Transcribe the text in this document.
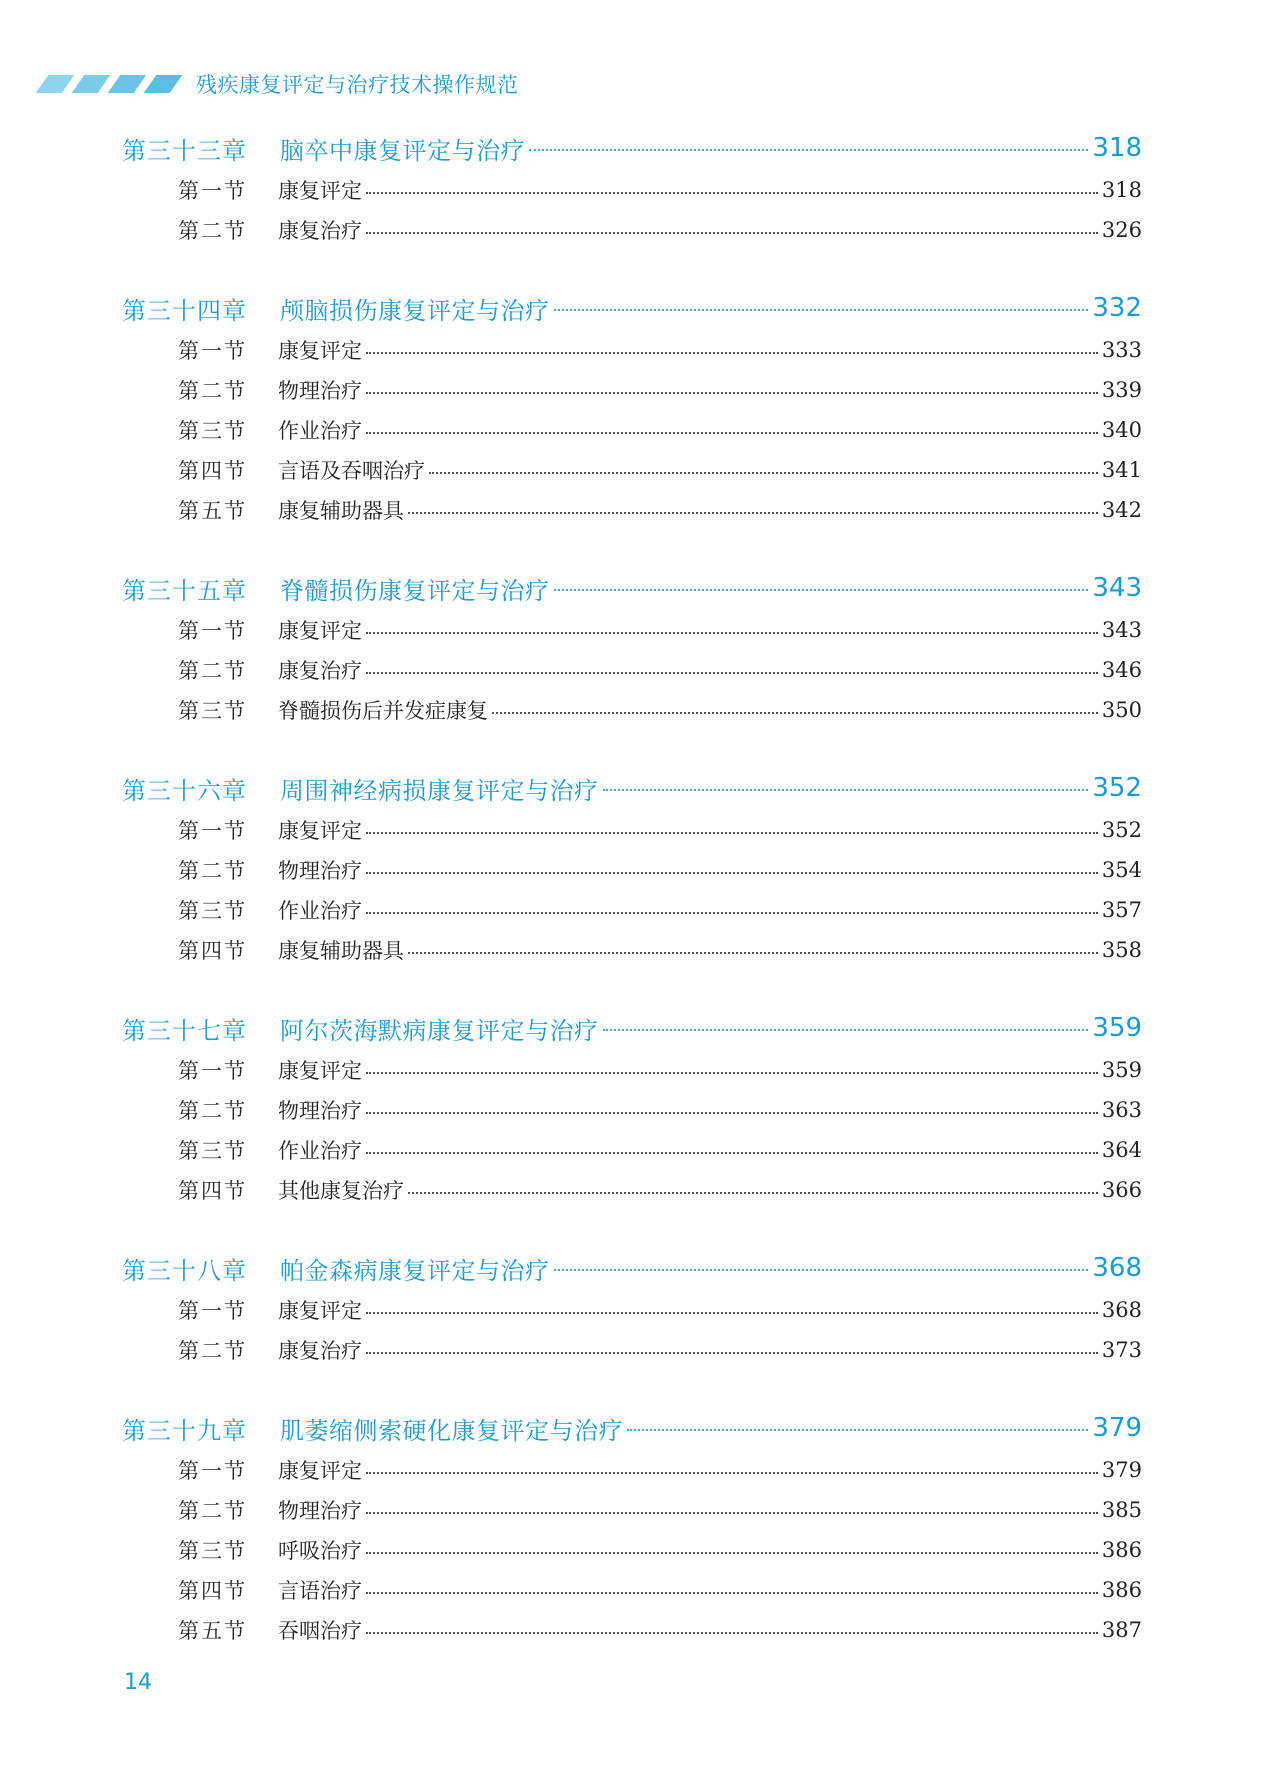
残疾康复评定与治疗技术操作规范
第三十三章	脑卒中康复评定与治疗	318
第一节	康复评定	318
第二节	康复治疗	326
第三十四章	颅脑损伤康复评定与治疗	332
第一节	康复评定	333
第二节	物理治疗	339
第三节	作业治疗	340
第四节	言语及吞咽治疗	341
第五节	康复辅助器具	342
第三十五章	脊髓损伤康复评定与治疗	343
第一节	康复评定	343
第二节	康复治疗	346
第三节	脊髓损伤后并发症康复	350
第三十六章	周围神经病损康复评定与治疗	352
第一节	康复评定	352
第二节	物理治疗	354
第三节	作业治疗	357
第四节	康复辅助器具	358
第三十七章	阿尔茨海默病康复评定与治疗	359
第一节	康复评定	359
第二节	物理治疗	363
第三节	作业治疗	364
第四节	其他康复治疗	366
第三十八章	帕金森病康复评定与治疗	368
第一节	康复评定	368
第二节	康复治疗	373
第三十九章	肌萎缩侧索硬化康复评定与治疗	379
第一节	康复评定	379
第二节	物理治疗	385
第三节	呼吸治疗	386
第四节	言语治疗	386
第五节	吞咽治疗	387
14
